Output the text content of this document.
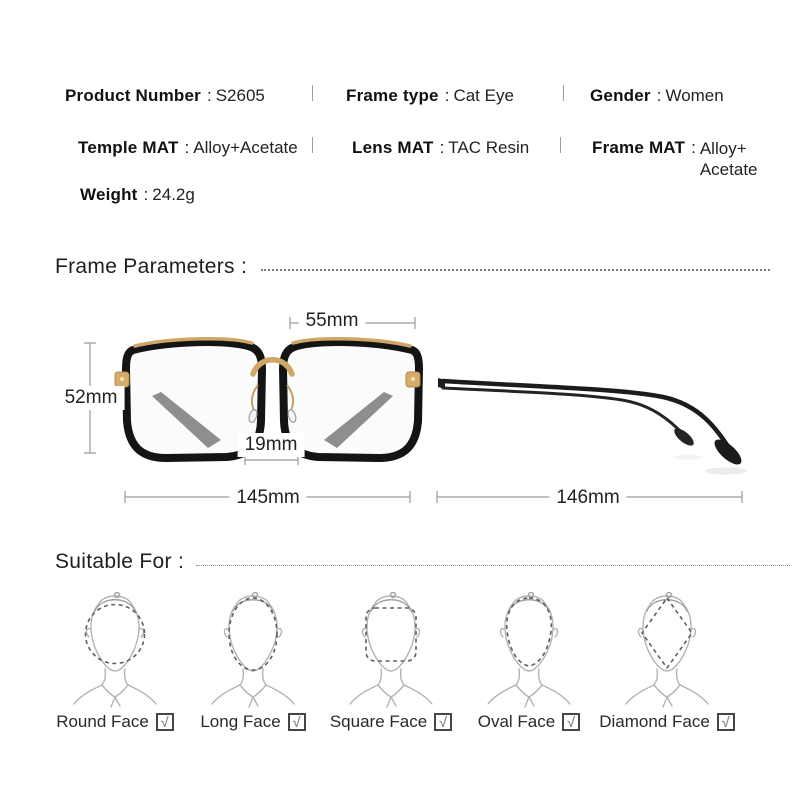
Product Number : S2605	Frame type : Cat Eye	Gender : Women
Temple MAT : Alloy+Acetate	Lens MAT : TAC Resin	Frame MAT : Alloy+
Acetate
Weight : 24.2g
Frame Parameters :
55mm
52mm
19mm
145mm	146mm
Suitable For :
Round Face √ Long Face √ Square Face √ Oval Face √ Diamond Face √
